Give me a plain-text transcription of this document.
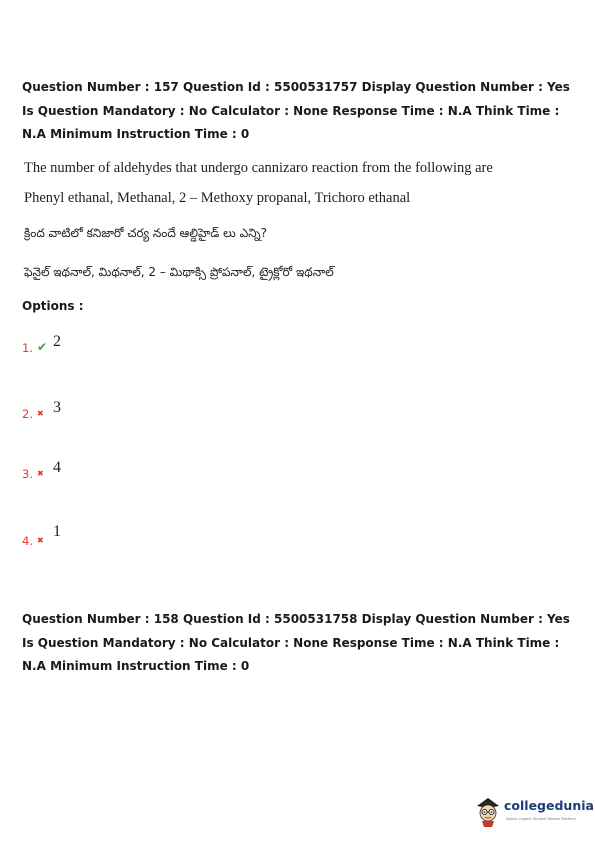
Question Number : 157 Question Id : 5500531757 Display Question Number : Yes Is Question Mandatory : No Calculator : None Response Time : N.A Think Time : N.A Minimum Instruction Time : 0
The number of aldehydes that undergo cannizaro reaction from the following are
Phenyl ethanal, Methanal, 2 – Methoxy propanal, Trichoro ethanal
క్రింద వాటిలో కనిజారో చర్య నందే ఆల్డిహైడ్ లు ఎన్ని?
ఫెనైల్ ఇథనాల్, మిథనాల్, 2 – మిథాక్సి ప్రోపనాల్, ట్రైక్లోరో ఇథనాల్
Options :
1. ✔ 2
2. ✖ 3
3. ✖ 4
4. ✖
1
Question Number : 158 Question Id : 5500531758 Display Question Number : Yes Is Question Mandatory : No Calculator : None Response Time : N.A Think Time : N.A Minimum Instruction Time : 0
collegedunia
India's Largest Student Review Platform
